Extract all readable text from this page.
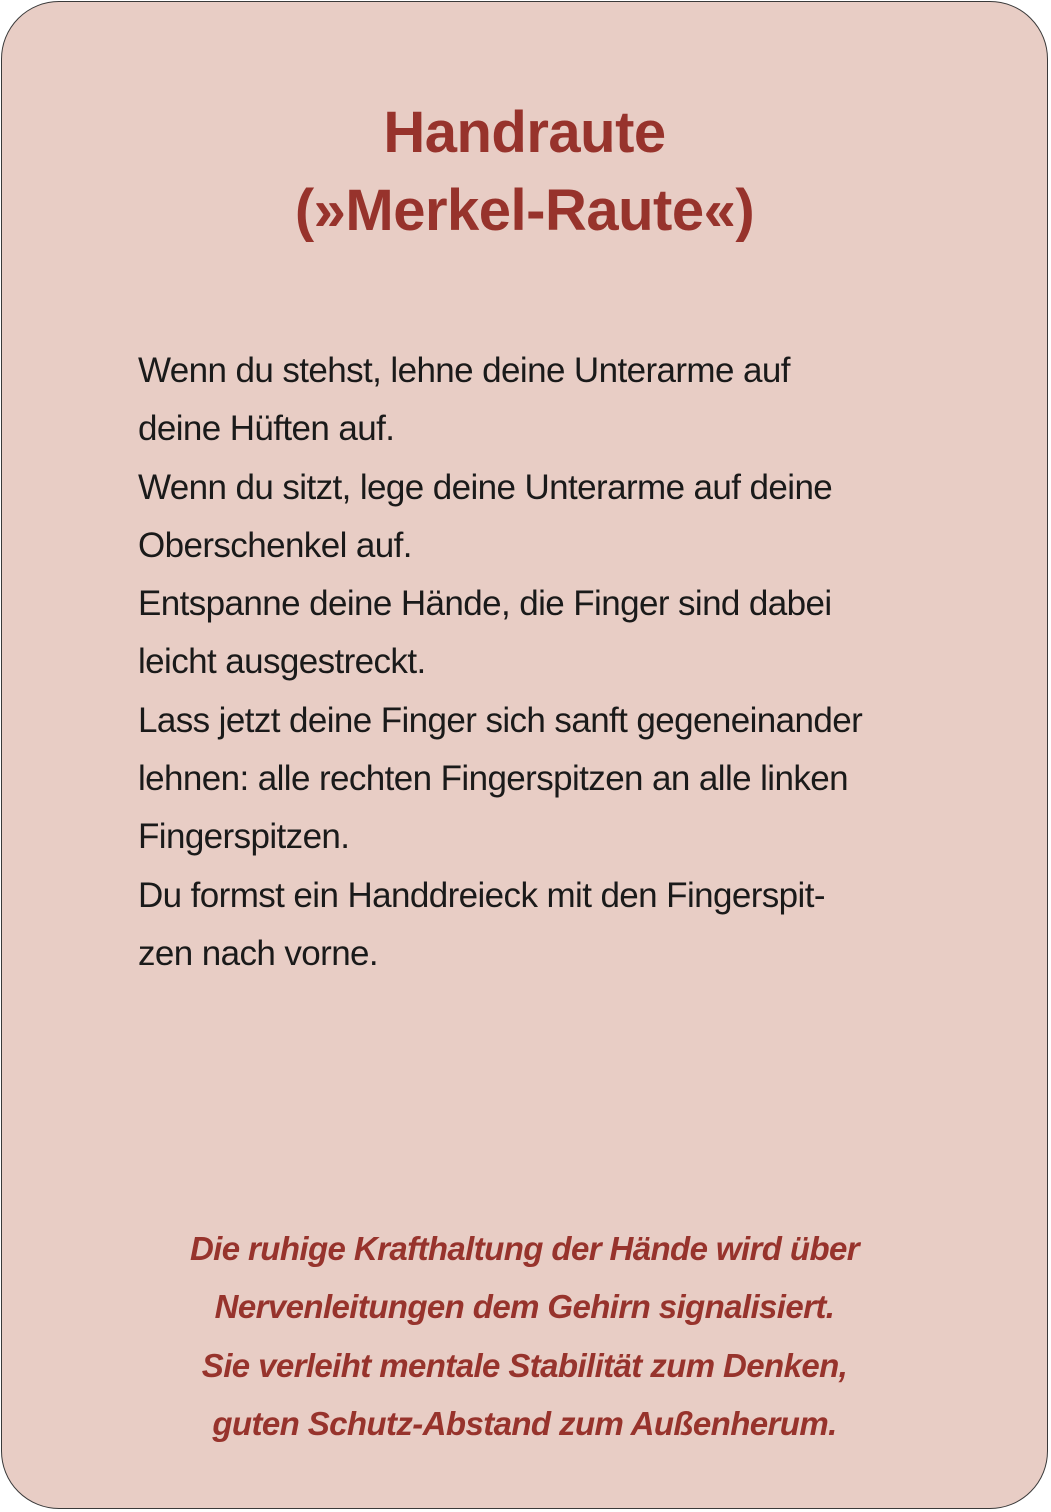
Handraute
(»Merkel-Raute«)
Wenn du stehst, lehne deine Unterarme auf
deine Hüften auf.
Wenn du sitzt, lege deine Unterarme auf deine
Oberschenkel auf.
Entspanne deine Hände, die Finger sind dabei
leicht ausgestreckt.
Lass jetzt deine Finger sich sanft gegeneinander
lehnen: alle rechten Fingerspitzen an alle linken
Fingerspitzen.
Du formst ein Handdreieck mit den Fingerspit-
zen nach vorne.
Die ruhige Krafthaltung der Hände wird über
Nervenleitungen dem Gehirn signalisiert.
Sie verleiht mentale Stabilität zum Denken,
guten Schutz-Abstand zum Außenherum.
